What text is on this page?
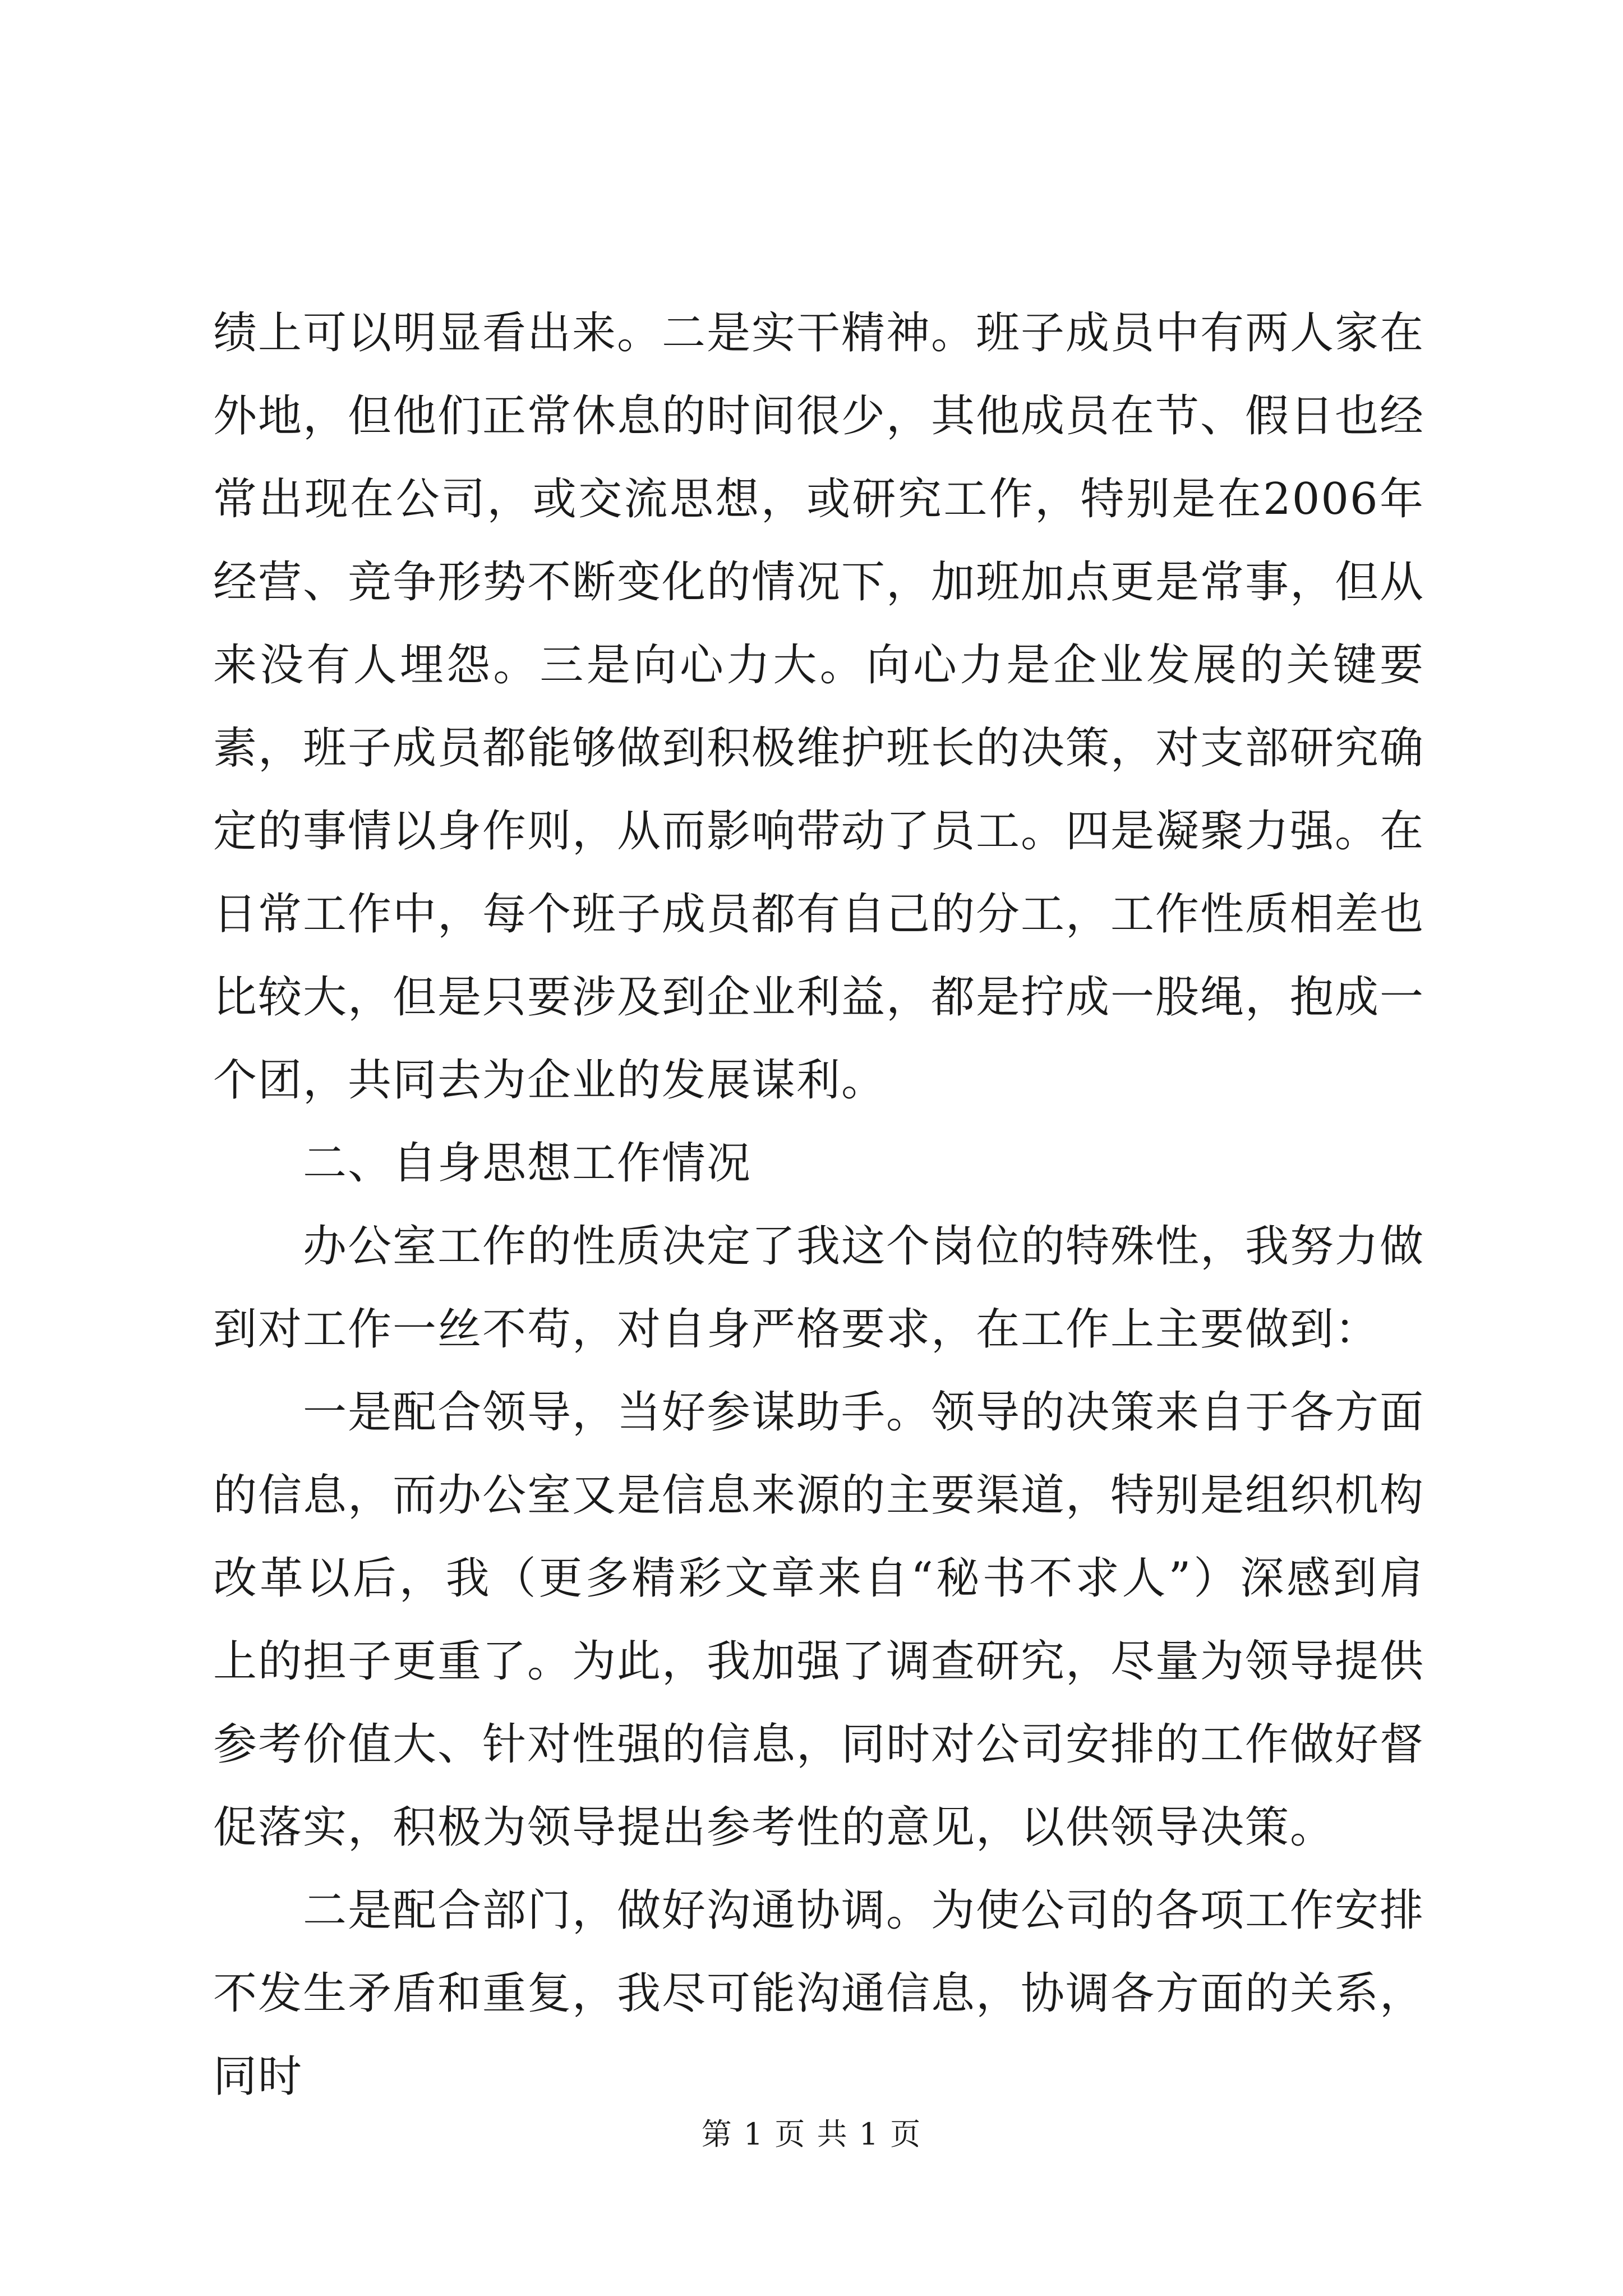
绩上可以明显看出来。二是实干精神。班子成员中有两人家在外地，但他们正常休息的时间很少，其他成员在节、假日也经常出现在公司，或交流思想，或研究工作，特别是在2006年经营、竞争形势不断变化的情况下，加班加点更是常事，但从来没有人埋怨。三是向心力大。向心力是企业发展的关键要素，班子成员都能够做到积极维护班长的决策，对支部研究确定的事情以身作则，从而影响带动了员工。四是凝聚力强。在日常工作中，每个班子成员都有自己的分工，工作性质相差也比较大，但是只要涉及到企业利益，都是拧成一股绳，抱成一个团，共同去为企业的发展谋利。

二、自身思想工作情况

办公室工作的性质决定了我这个岗位的特殊性，我努力做到对工作一丝不苟，对自身严格要求，在工作上主要做到：

一是配合领导，当好参谋助手。领导的决策来自于各方面的信息，而办公室又是信息来源的主要渠道，特别是组织机构改革以后，我（更多精彩文章来自“秘书不求人”）深感到肩上的担子更重了。为此，我加强了调查研究，尽量为领导提供参考价值大、针对性强的信息，同时对公司安排的工作做好督促落实，积极为领导提出参考性的意见，以供领导决策。

二是配合部门，做好沟通协调。为使公司的各项工作安排不发生矛盾和重复，我尽可能沟通信息，协调各方面的关系，同时

第 1 页 共 1 页
